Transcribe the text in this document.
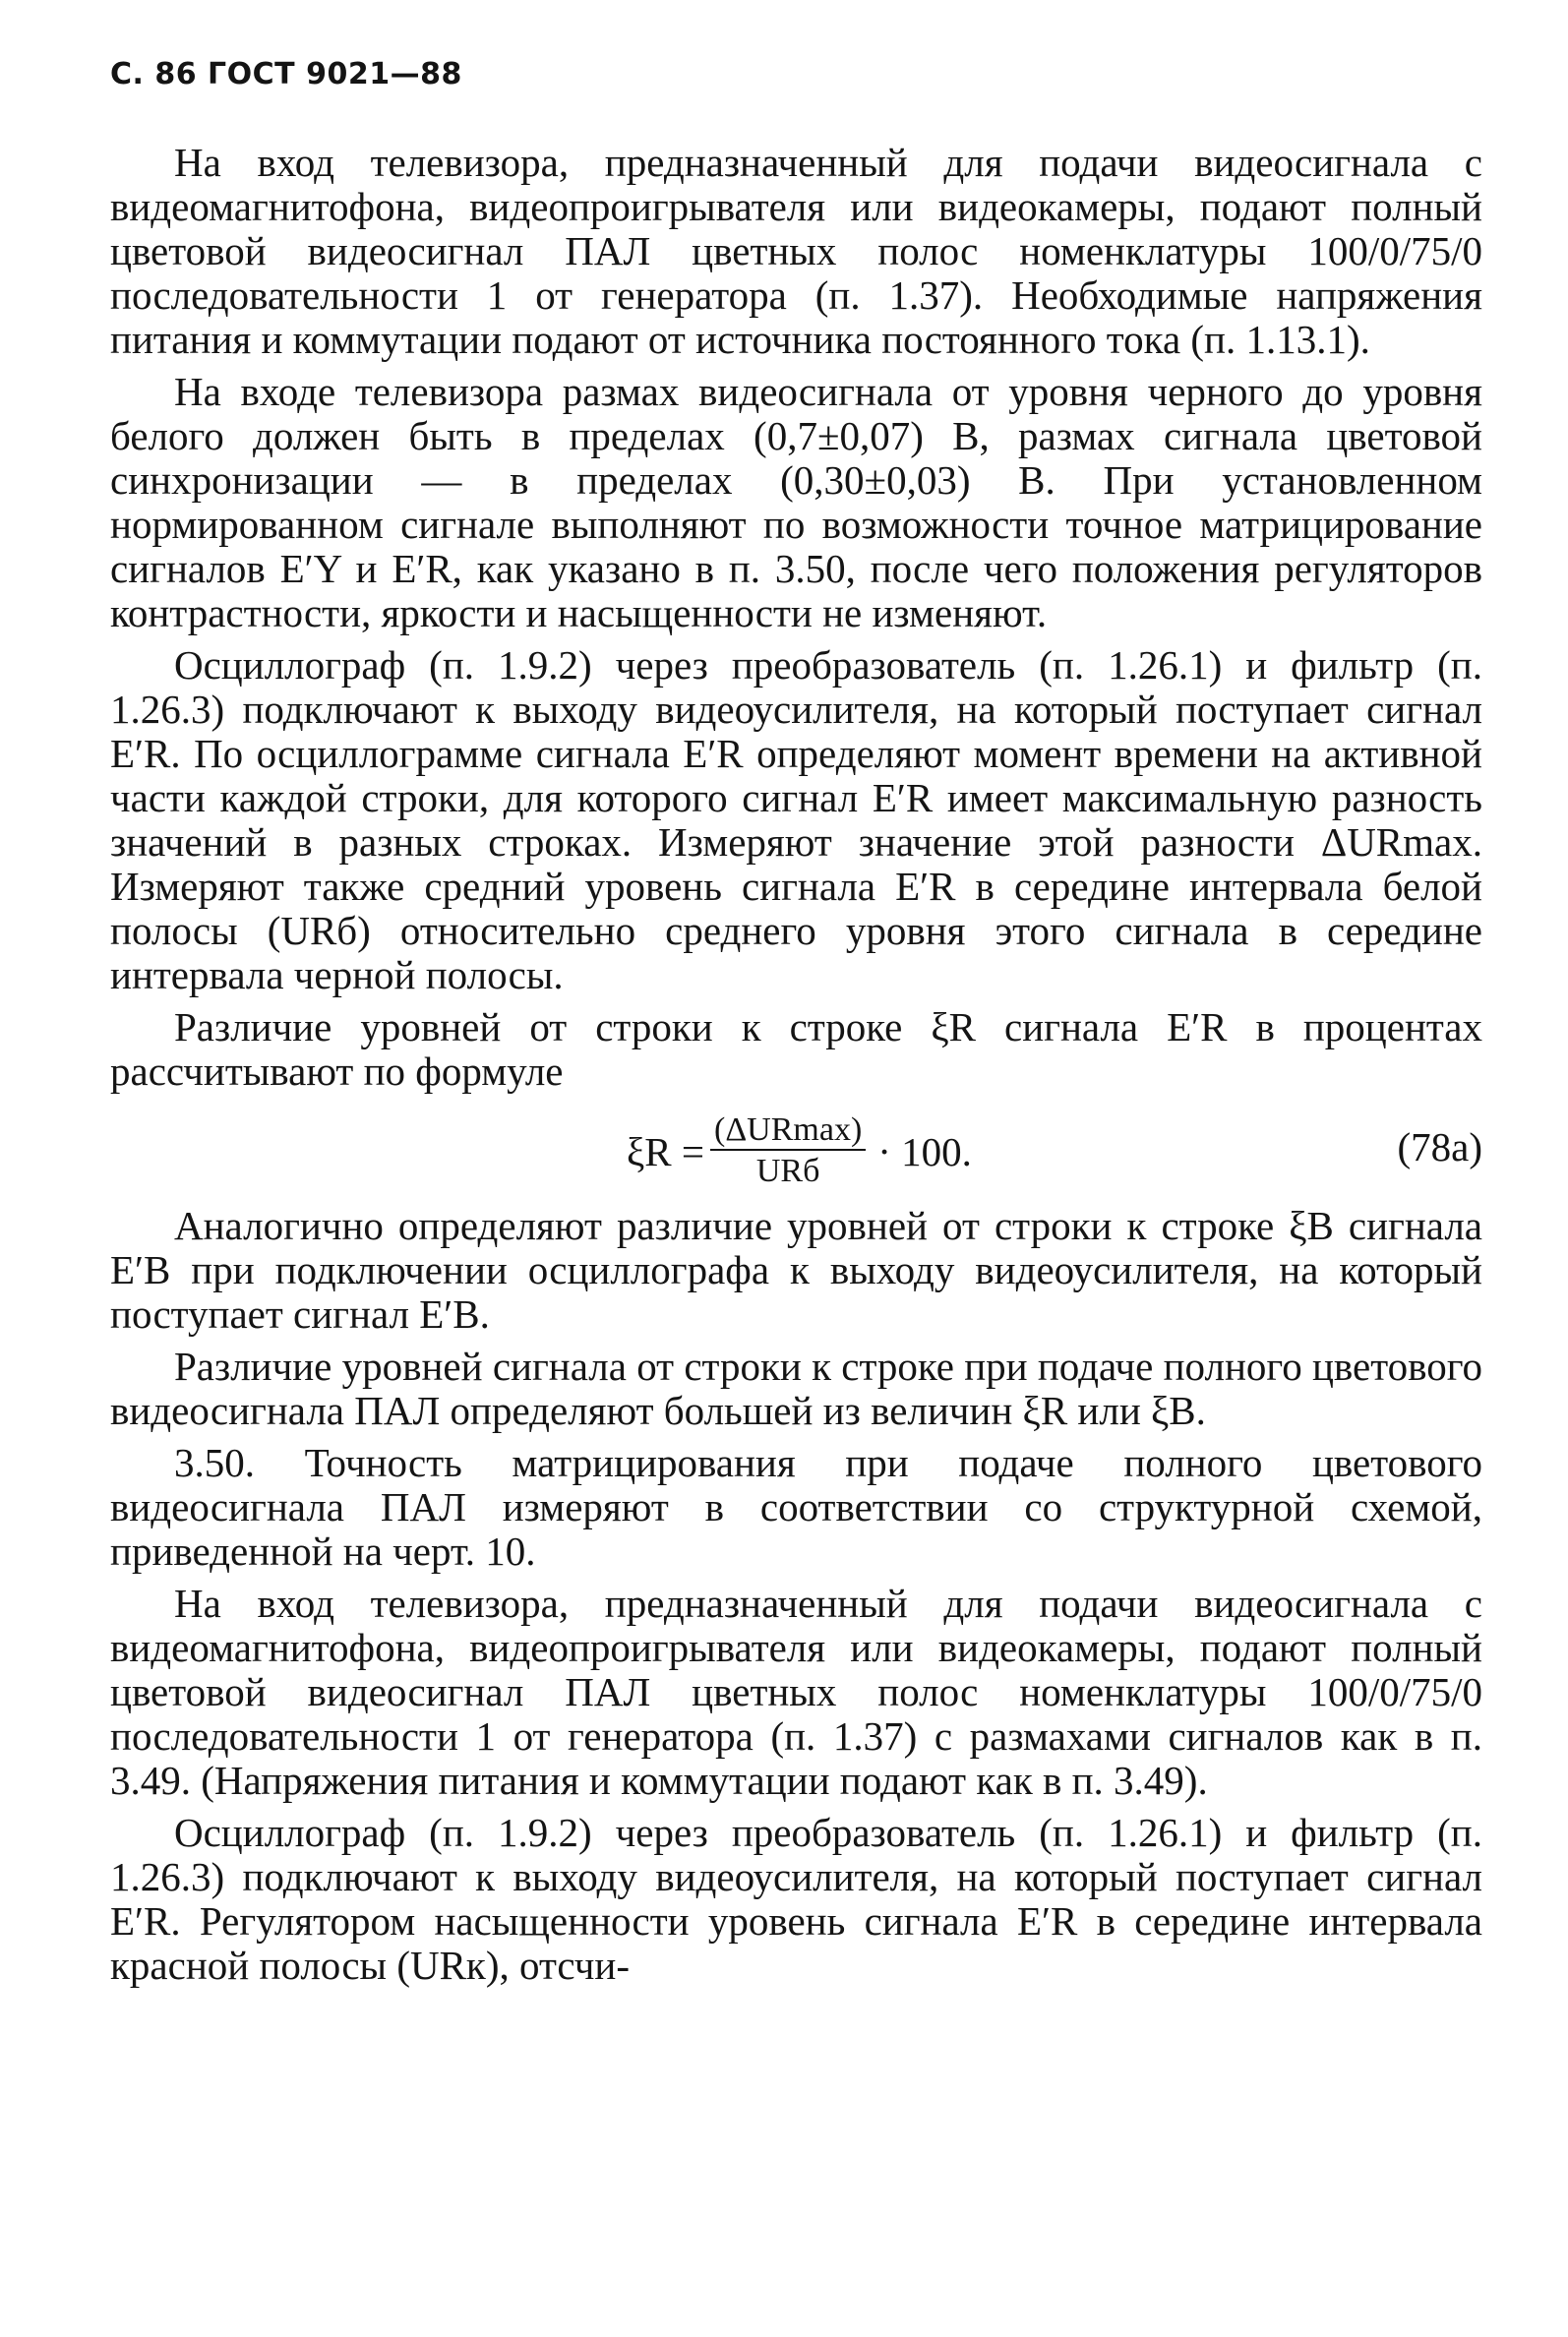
С. 86 ГОСТ 9021—88

На вход телевизора, предназначенный для подачи видеосигнала с видеомагнитофона, видеопроигрывателя или видеокамеры, подают полный цветовой видеосигнал ПАЛ цветных полос номенклатуры 100/0/75/0 последовательности 1 от генератора (п. 1.37). Необходимые напряжения питания и коммутации подают от источника постоянного тока (п. 1.13.1).

На входе телевизора размах видеосигнала от уровня черного до уровня белого должен быть в пределах (0,7±0,07) В, размах сигнала цветовой синхронизации — в пределах (0,30±0,03) В. При установленном нормированном сигнале выполняют по возможности точное матрицирование сигналов E′Y и E′R, как указано в п. 3.50, после чего положения регуляторов контрастности, яркости и насыщенности не изменяют.

Осциллограф (п. 1.9.2) через преобразователь (п. 1.26.1) и фильтр (п. 1.26.3) подключают к выходу видеоусилителя, на который поступает сигнал E′R. По осциллограмме сигнала E′R определяют момент времени на активной части каждой строки, для которого сигнал E′R имеет максимальную разность значений в разных строках. Измеряют значение этой разности ΔURmax. Измеряют также средний уровень сигнала E′R в середине интервала белой полосы (URб) относительно среднего уровня этого сигнала в середине интервала черной полосы.

Различие уровней от строки к строке ξR сигнала E′R в процентах рассчитывают по формуле

$\xi R = \frac{\text{(ΔURmax)}}{\text{URб}} \cdot 100$.	(78а)

Аналогично определяют различие уровней от строки к строке ξB сигнала E′B при подключении осциллографа к выходу видеоусилителя, на который поступает сигнал E′B.

Различие уровней сигнала от строки к строке при подаче полного цветового видеосигнала ПАЛ определяют большей из величин ξR или ξB.

3.50. Точность матрицирования при подаче полного цветового видеосигнала ПАЛ измеряют в соответствии со структурной схемой, приведенной на черт. 10.

На вход телевизора, предназначенный для подачи видеосигнала с видеомагнитофона, видеопроигрывателя или видеокамеры, подают полный цветовой видеосигнал ПАЛ цветных полос номенклатуры 100/0/75/0 последовательности 1 от генератора (п. 1.37) с размахами сигналов как в п. 3.49. (Напряжения питания и коммутации подают как в п. 3.49).

Осциллограф (п. 1.9.2) через преобразователь (п. 1.26.1) и фильтр (п. 1.26.3) подключают к выходу видеоусилителя, на который поступает сигнал E′R. Регулятором насыщенности уровень сигнала E′R в середине интервала красной полосы (URк), отсчи-
